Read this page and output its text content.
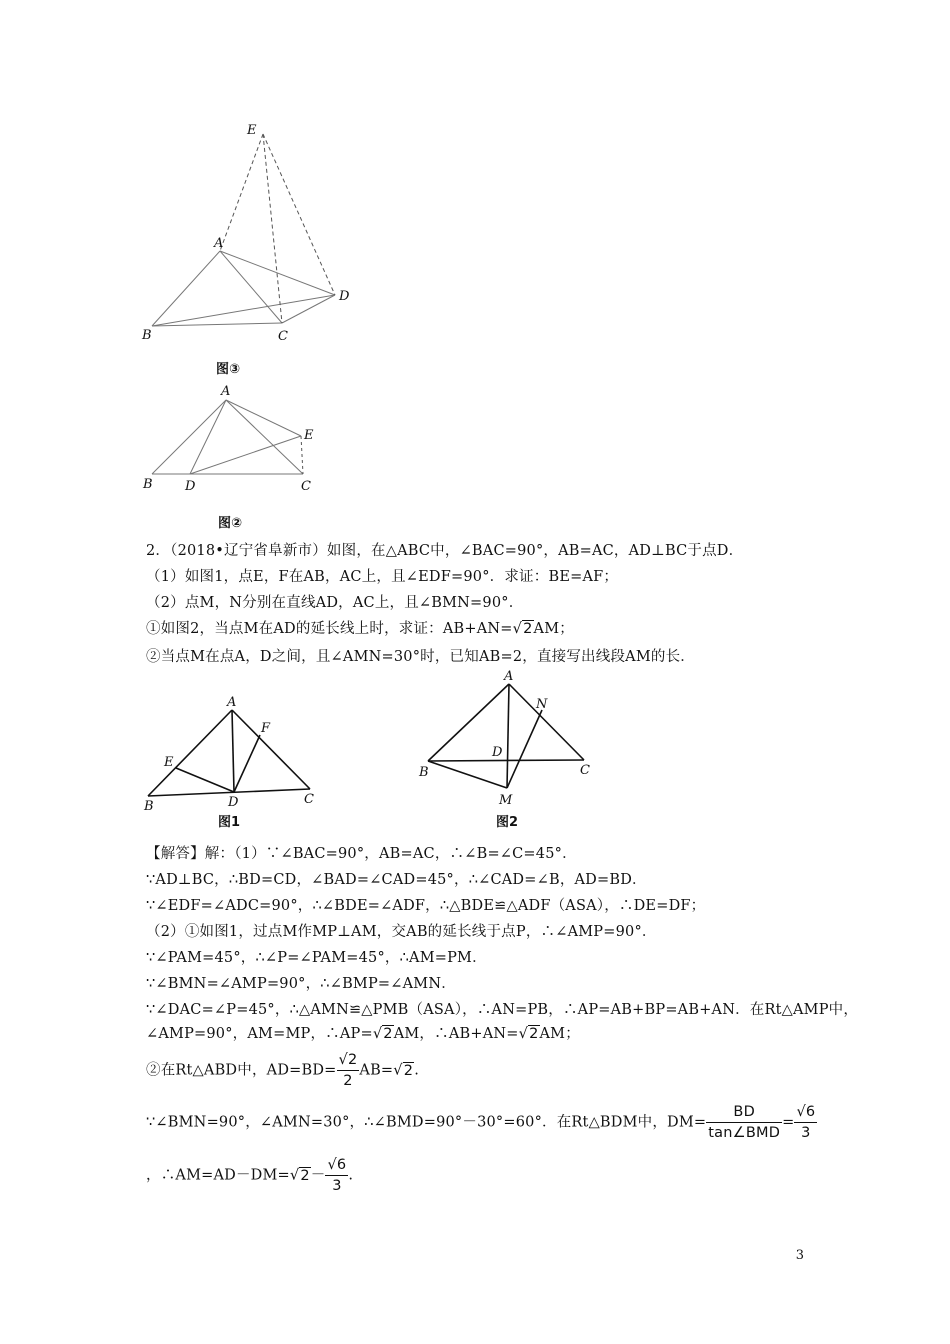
E
A
D
B	C
图③
A
E
B D	C
图②
2．（2018•辽宁省阜新市）如图，在△ABC中，∠BAC=90°，AB=AC，AD⊥BC于点D．
（1）如图1，点E，F在AB，AC上，且∠EDF=90°．求证：BE=AF；
（2）点M，N分别在直线AD，AC上，且∠BMN=90°．
①如图2，当点M在AD的延长线上时，求证：AB+AN=√2AM；
②当点M在点A，D之间，且∠AMN=30°时，已知AB=2，直接写出线段AM的长．
A
F
E
B	D	C
图1
A
N
D
B	C
M
图2
【解答】解：（1）∵∠BAC=90°，AB=AC，∴∠B=∠C=45°．
∵AD⊥BC，∴BD=CD，∠BAD=∠CAD=45°，∴∠CAD=∠B，AD=BD．
∵∠EDF=∠ADC=90°，∴∠BDE=∠ADF，∴△BDE≌△ADF（ASA），∴DE=DF；
（2）①如图1，过点M作MP⊥AM，交AB的延长线于点P，∴∠AMP=90°．
∵∠PAM=45°，∴∠P=∠PAM=45°，∴AM=PM．
∵∠BMN=∠AMP=90°，∴∠BMP=∠AMN．
∵∠DAC=∠P=45°，∴△AMN≌△PMB（ASA），∴AN=PB，∴AP=AB+BP=AB+AN．在Rt△AMP中，
∠AMP=90°，AM=MP，∴AP=√2AM，∴AB+AN=√2AM；
②在Rt△ABD中，$AD=BD= \frac{√2}{2} AB=√2$.
∵∠BMN=90°，∠AMN=30°，∴∠BMD=90°－30°=60°．在Rt△BDM中，$DM= \frac{BD}{\text{tan∠BMD}} = \frac{√6}{3}$
，∴AM=AD－DM=√2－ $\frac{√6}{3}$ .
3
